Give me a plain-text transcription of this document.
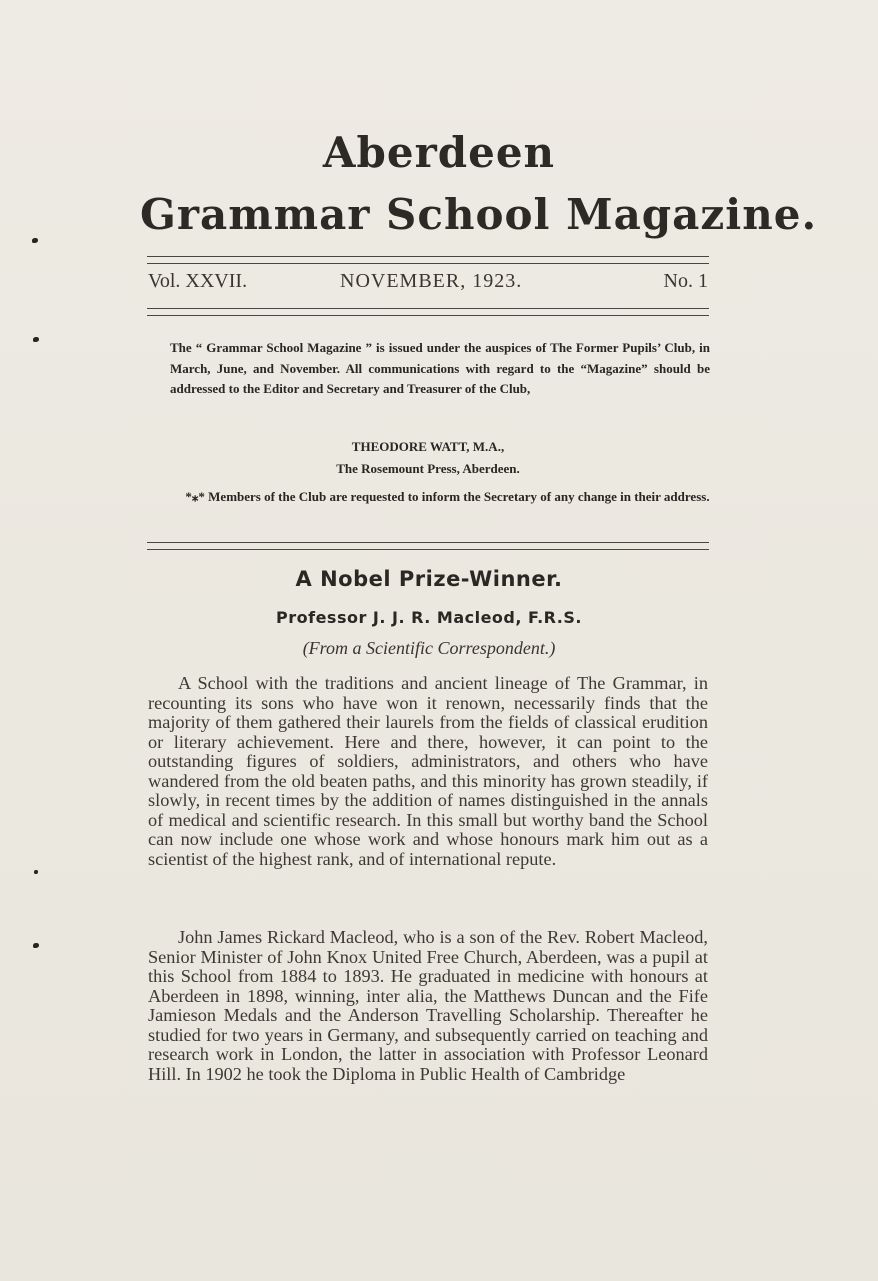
Aberdeen
Grammar School Magazine.
Vol. XXVII.	NOVEMBER, 1923.	No. 1
The “ Grammar School Magazine ” is issued under the auspices of The Former Pupils’ Club, in March, June, and November. All communications with regard to the “Magazine” should be addressed to the Editor and Secretary and Treasurer of the Club,
THEODORE WATT, M.A.,
The Rosemount Press, Aberdeen.
*⁎* Members of the Club are requested to inform the Secretary of any change in their address.
A Nobel Prize-Winner.
Professor J. J. R. Macleod, F.R.S.
(From a Scientific Correspondent.)

A School with the traditions and ancient lineage of The Grammar, in recounting its sons who have won it renown, necessarily finds that the majority of them gathered their laurels from the fields of classical erudition or literary achievement. Here and there, however, it can point to the outstanding figures of soldiers, administrators, and others who have wandered from the old beaten paths, and this minority has grown steadily, if slowly, in recent times by the addition of names distinguished in the annals of medical and scientific research. In this small but worthy band the School can now include one whose work and whose honours mark him out as a scientist of the highest rank, and of international repute.

John James Rickard Macleod, who is a son of the Rev. Robert Macleod, Senior Minister of John Knox United Free Church, Aberdeen, was a pupil at this School from 1884 to 1893. He graduated in medicine with honours at Aberdeen in 1898, winning, inter alia, the Matthews Duncan and the Fife Jamieson Medals and the Anderson Travelling Scholarship. Thereafter he studied for two years in Germany, and subsequently carried on teaching and research work in London, the latter in association with Professor Leonard Hill. In 1902 he took the Diploma in Public Health of Cambridge
